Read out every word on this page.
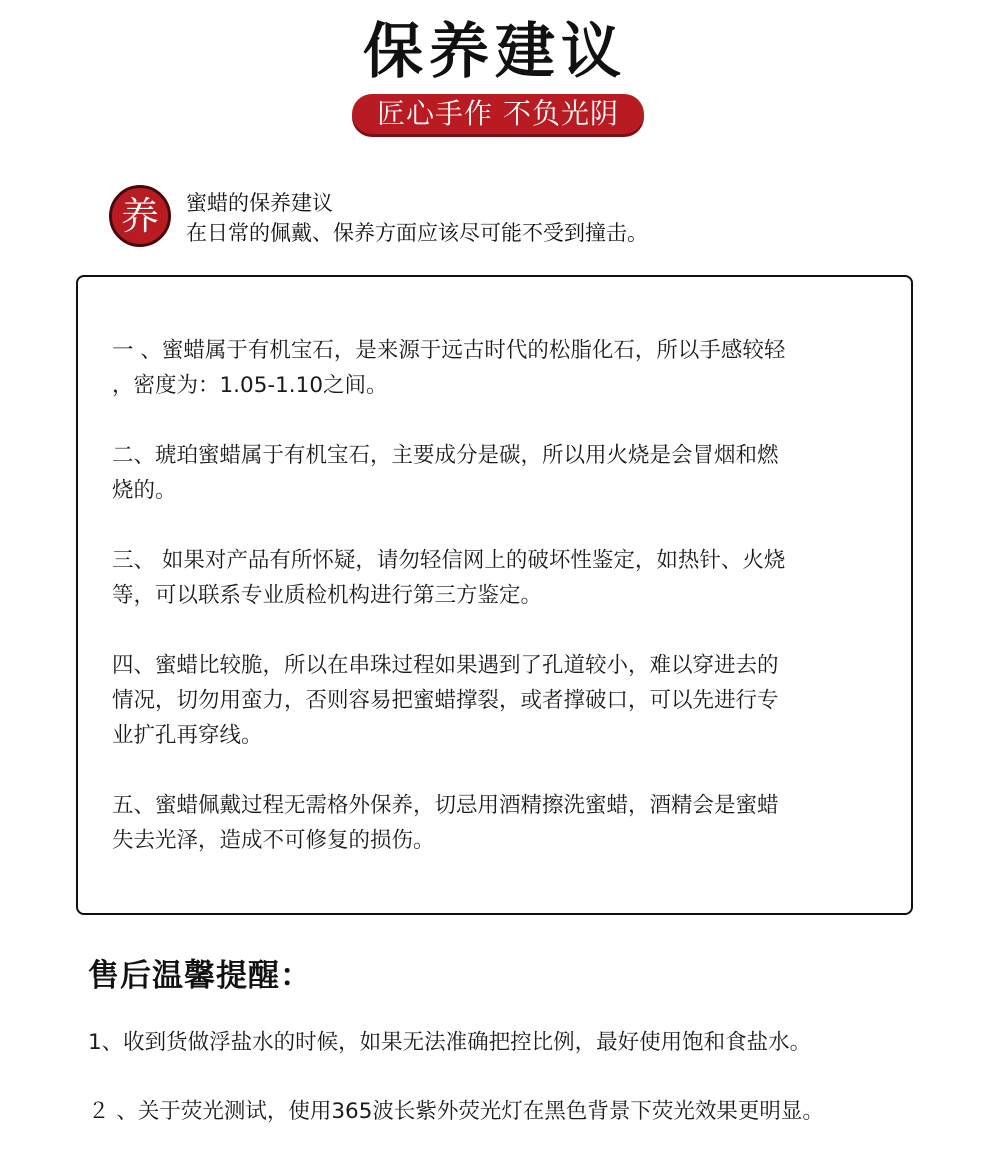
保养建议
匠心手作 不负光阴
养	蜜蜡的保养建议
在日常的佩戴、保养方面应该尽可能不受到撞击。
一 、蜜蜡属于有机宝石，是来源于远古时代的松脂化石，所以手感较轻
，密度为：1.05-1.10之间。
二、琥珀蜜蜡属于有机宝石，主要成分是碳，所以用火烧是会冒烟和燃
烧的。
三、 如果对产品有所怀疑，请勿轻信网上的破坏性鉴定，如热针、火烧
等，可以联系专业质检机构进行第三方鉴定。
四、蜜蜡比较脆，所以在串珠过程如果遇到了孔道较小，难以穿进去的
情况，切勿用蛮力，否则容易把蜜蜡撑裂，或者撑破口，可以先进行专
业扩孔再穿线。
五、蜜蜡佩戴过程无需格外保养，切忌用酒精擦洗蜜蜡，酒精会是蜜蜡
失去光泽，造成不可修复的损伤。
售后温馨提醒：
1、收到货做浮盐水的时候，如果无法准确把控比例，最好使用饱和食盐水。
２ 、关于荧光测试，使用365波长紫外荧光灯在黑色背景下荧光效果更明显。
